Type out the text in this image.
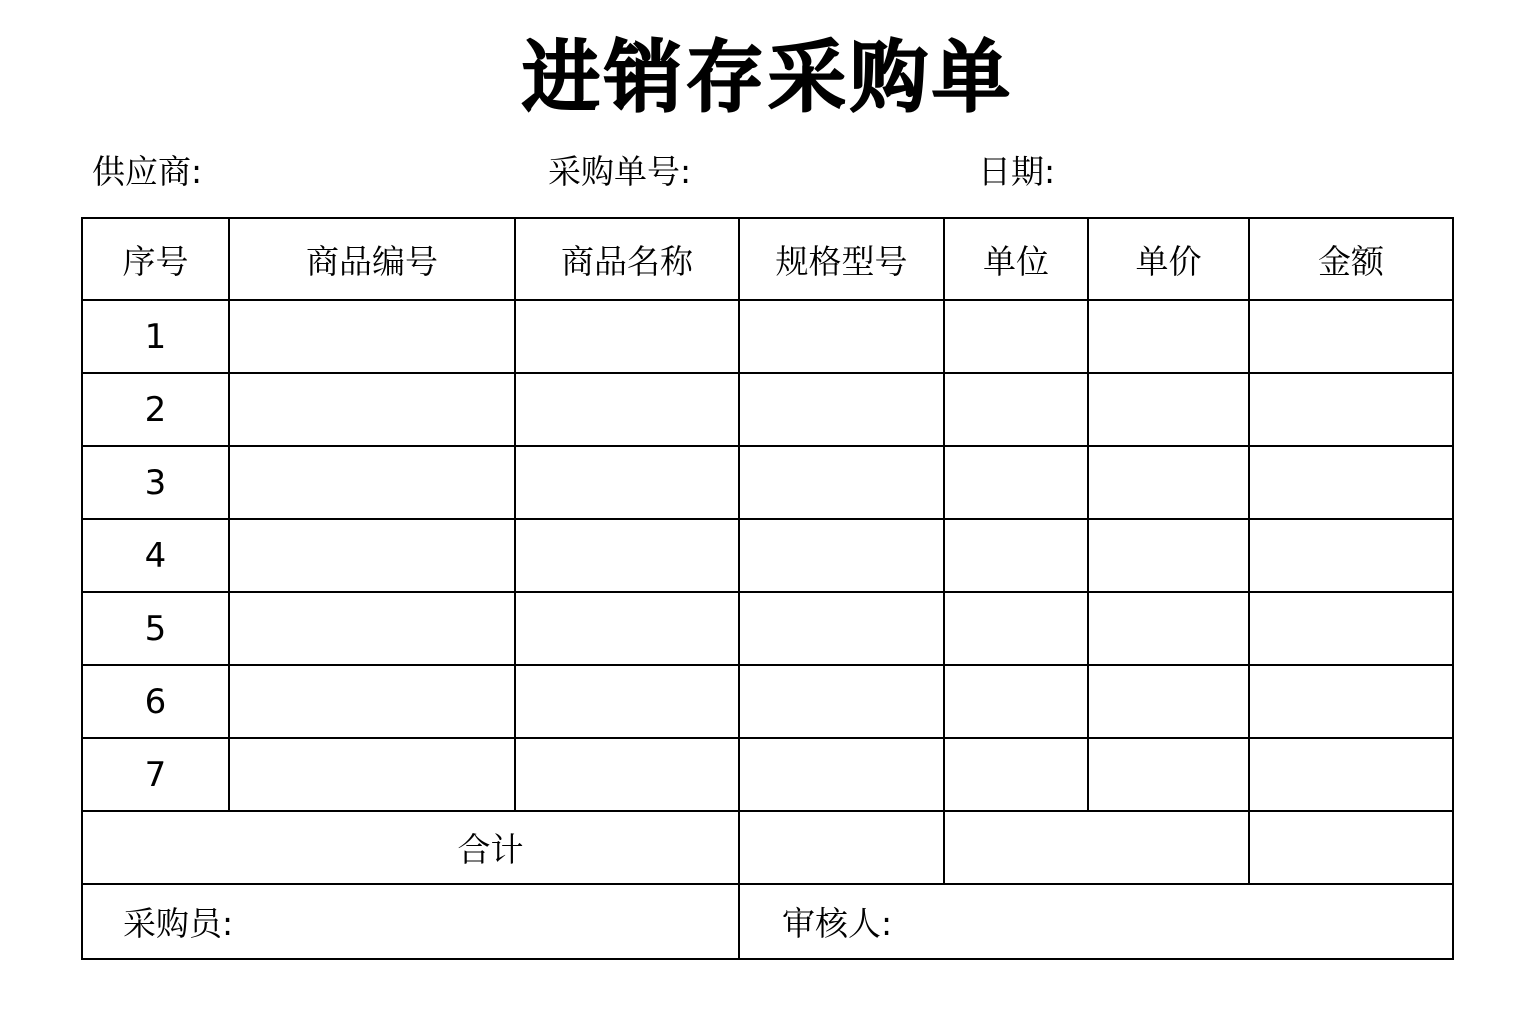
进销存采购单
供应商:	采购单号:	日期:
序号	商品编号	商品名称	规格型号	单位	单价	金额
1						
2						
3						
4						
5						
6						
7						
合计						
采购员:			审核人:			
